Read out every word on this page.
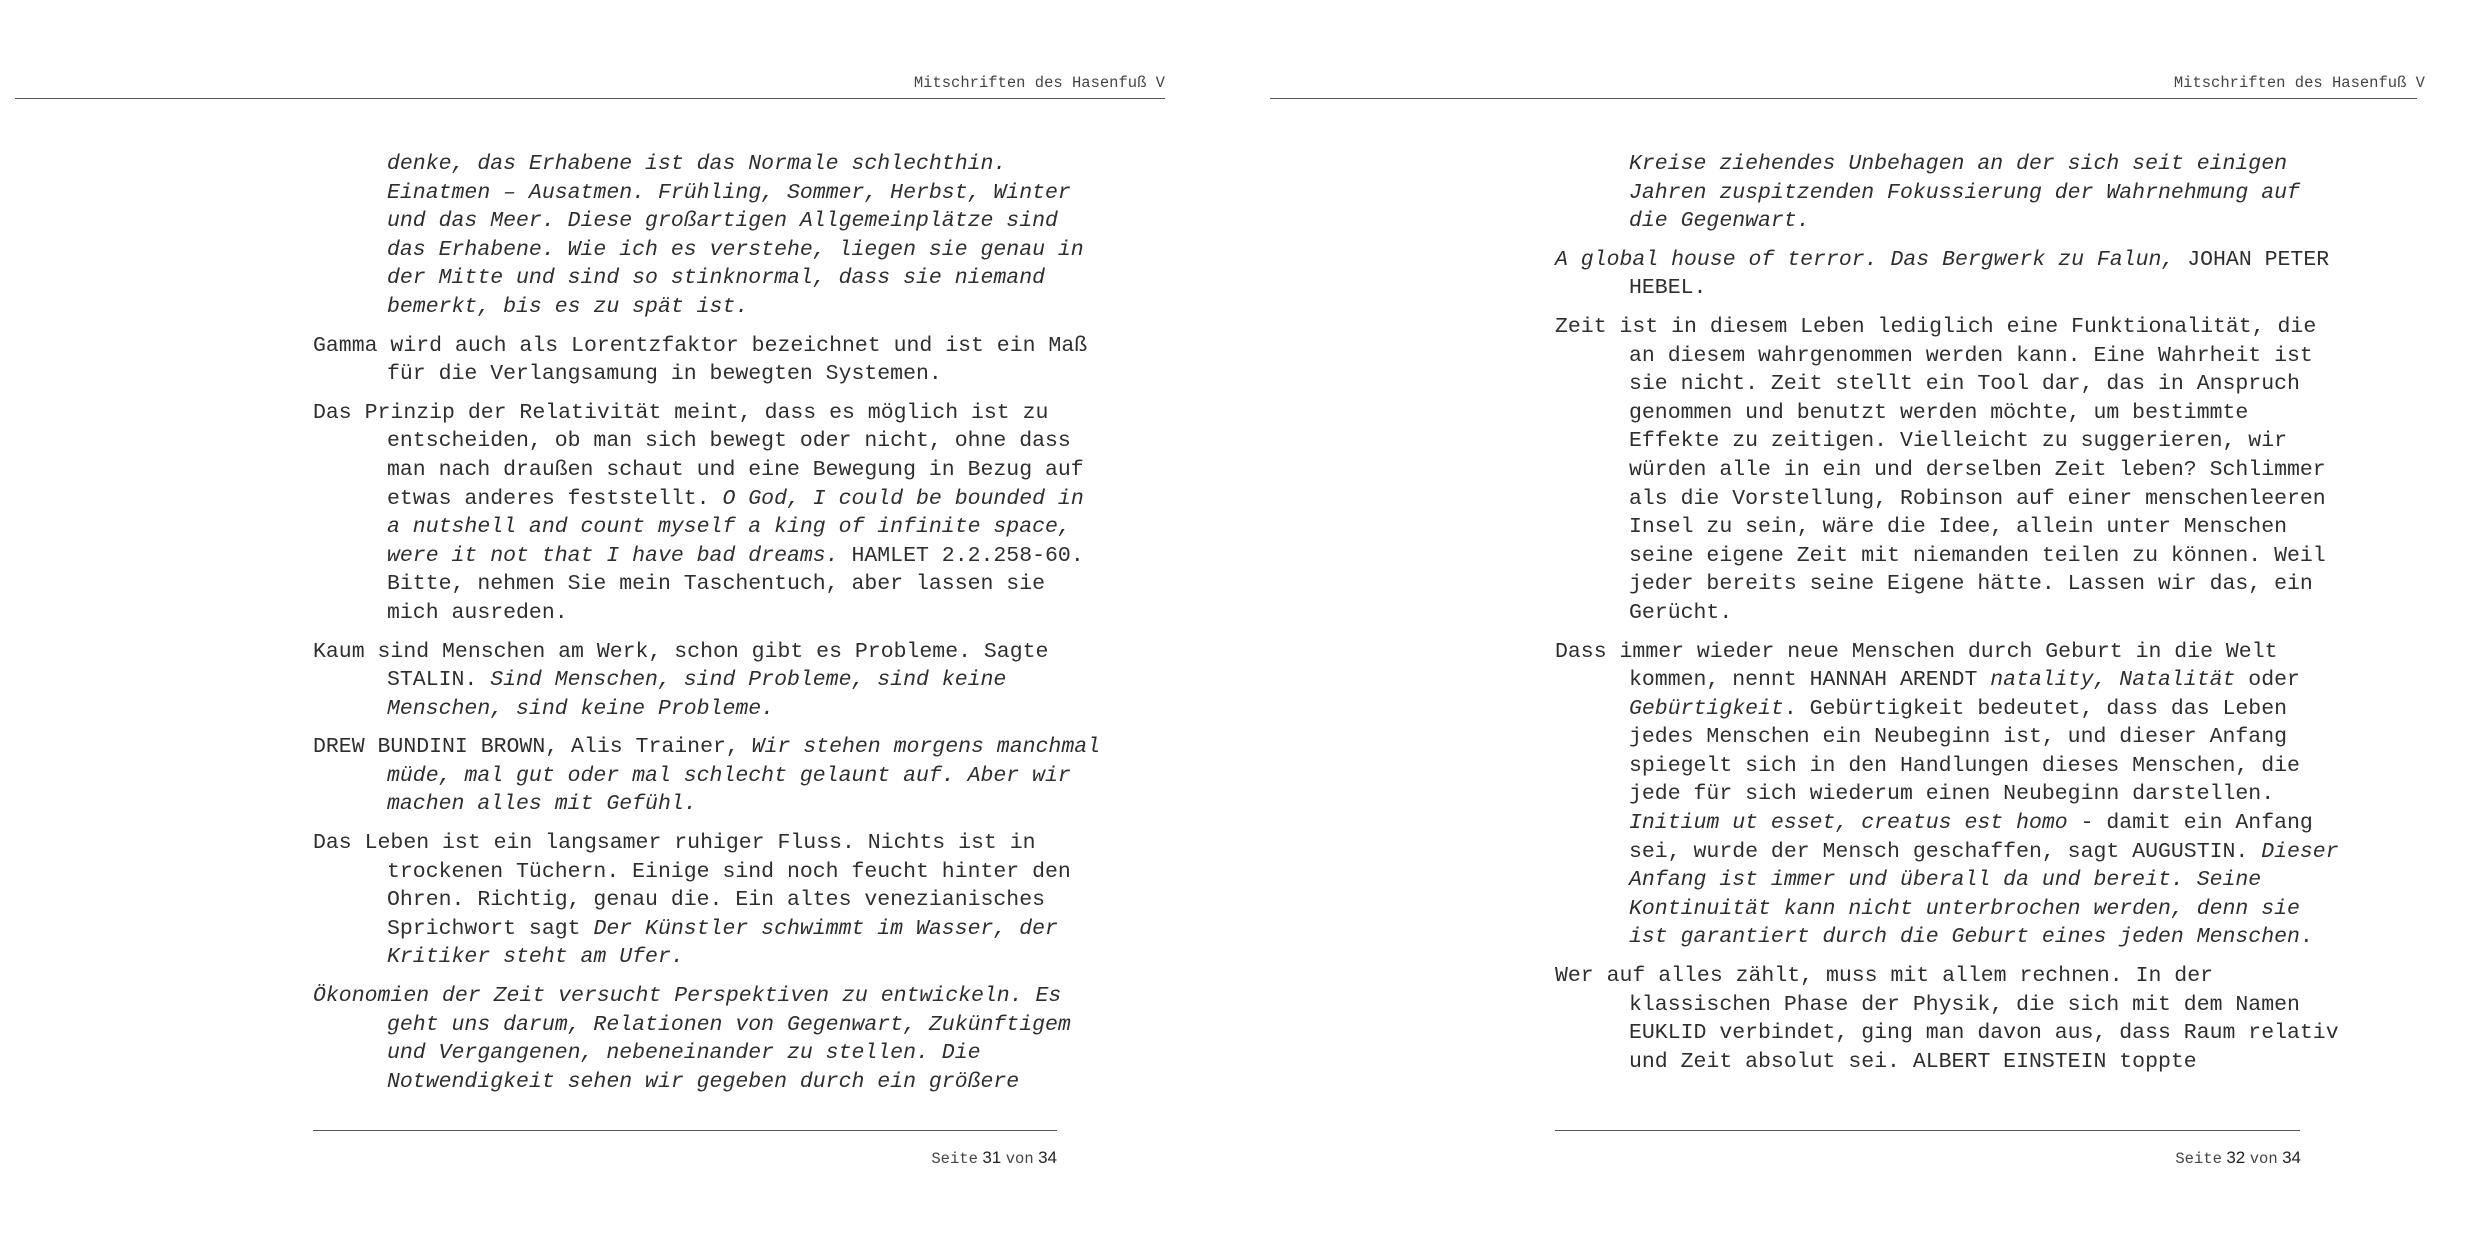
Mitschriften des Hasenfuß V

denke, das Erhabene ist das Normale schlechthin. Einatmen – Ausatmen. Frühling, Sommer, Herbst, Winter und das Meer. Diese großartigen Allgemeinplätze sind das Erhabene. Wie ich es verstehe, liegen sie genau in der Mitte und sind so stinknormal, dass sie niemand bemerkt, bis es zu spät ist.

Gamma wird auch als Lorentzfaktor bezeichnet und ist ein Maß für die Verlangsamung in bewegten Systemen.

Das Prinzip der Relativität meint, dass es möglich ist zu entscheiden, ob man sich bewegt oder nicht, ohne dass man nach draußen schaut und eine Bewegung in Bezug auf etwas anderes feststellt. O God, I could be bounded in a nutshell and count myself a king of infinite space, were it not that I have bad dreams. HAMLET 2.2.258-60. Bitte, nehmen Sie mein Taschentuch, aber lassen sie mich ausreden.

Kaum sind Menschen am Werk, schon gibt es Probleme. Sagte STALIN. Sind Menschen, sind Probleme, sind keine Menschen, sind keine Probleme.

DREW BUNDINI BROWN, Alis Trainer, Wir stehen morgens manchmal müde, mal gut oder mal schlecht gelaunt auf. Aber wir machen alles mit Gefühl.

Das Leben ist ein langsamer ruhiger Fluss. Nichts ist in trockenen Tüchern. Einige sind noch feucht hinter den Ohren. Richtig, genau die. Ein altes venezianisches Sprichwort sagt Der Künstler schwimmt im Wasser, der Kritiker steht am Ufer.

Ökonomien der Zeit versucht Perspektiven zu entwickeln. Es geht uns darum, Relationen von Gegenwart, Zukünftigem und Vergangenen, nebeneinander zu stellen. Die Notwendigkeit sehen wir gegeben durch ein größere

Seite 31 von 34
Mitschriften des Hasenfuß V

Kreise ziehendes Unbehagen an der sich seit einigen Jahren zuspitzenden Fokussierung der Wahrnehmung auf die Gegenwart.

A global house of terror. Das Bergwerk zu Falun, JOHAN PETER HEBEL.

Zeit ist in diesem Leben lediglich eine Funktionalität, die an diesem wahrgenommen werden kann. Eine Wahrheit ist sie nicht. Zeit stellt ein Tool dar, das in Anspruch genommen und benutzt werden möchte, um bestimmte Effekte zu zeitigen. Vielleicht zu suggerieren, wir würden alle in ein und derselben Zeit leben? Schlimmer als die Vorstellung, Robinson auf einer menschenleeren Insel zu sein, wäre die Idee, allein unter Menschen seine eigene Zeit mit niemanden teilen zu können. Weil jeder bereits seine Eigene hätte. Lassen wir das, ein Gerücht.

Dass immer wieder neue Menschen durch Geburt in die Welt kommen, nennt HANNAH ARENDT natality, Natalität oder Gebürtigkeit. Gebürtigkeit bedeutet, dass das Leben jedes Menschen ein Neubeginn ist, und dieser Anfang spiegelt sich in den Handlungen dieses Menschen, die jede für sich wiederum einen Neubeginn darstellen. Initium ut esset, creatus est homo - damit ein Anfang sei, wurde der Mensch geschaffen, sagt AUGUSTIN. Dieser Anfang ist immer und überall da und bereit. Seine Kontinuität kann nicht unterbrochen werden, denn sie ist garantiert durch die Geburt eines jeden Menschen.

Wer auf alles zählt, muss mit allem rechnen. In der klassischen Phase der Physik, die sich mit dem Namen EUKLID verbindet, ging man davon aus, dass Raum relativ und Zeit absolut sei. ALBERT EINSTEIN toppte

Seite 32 von 34
